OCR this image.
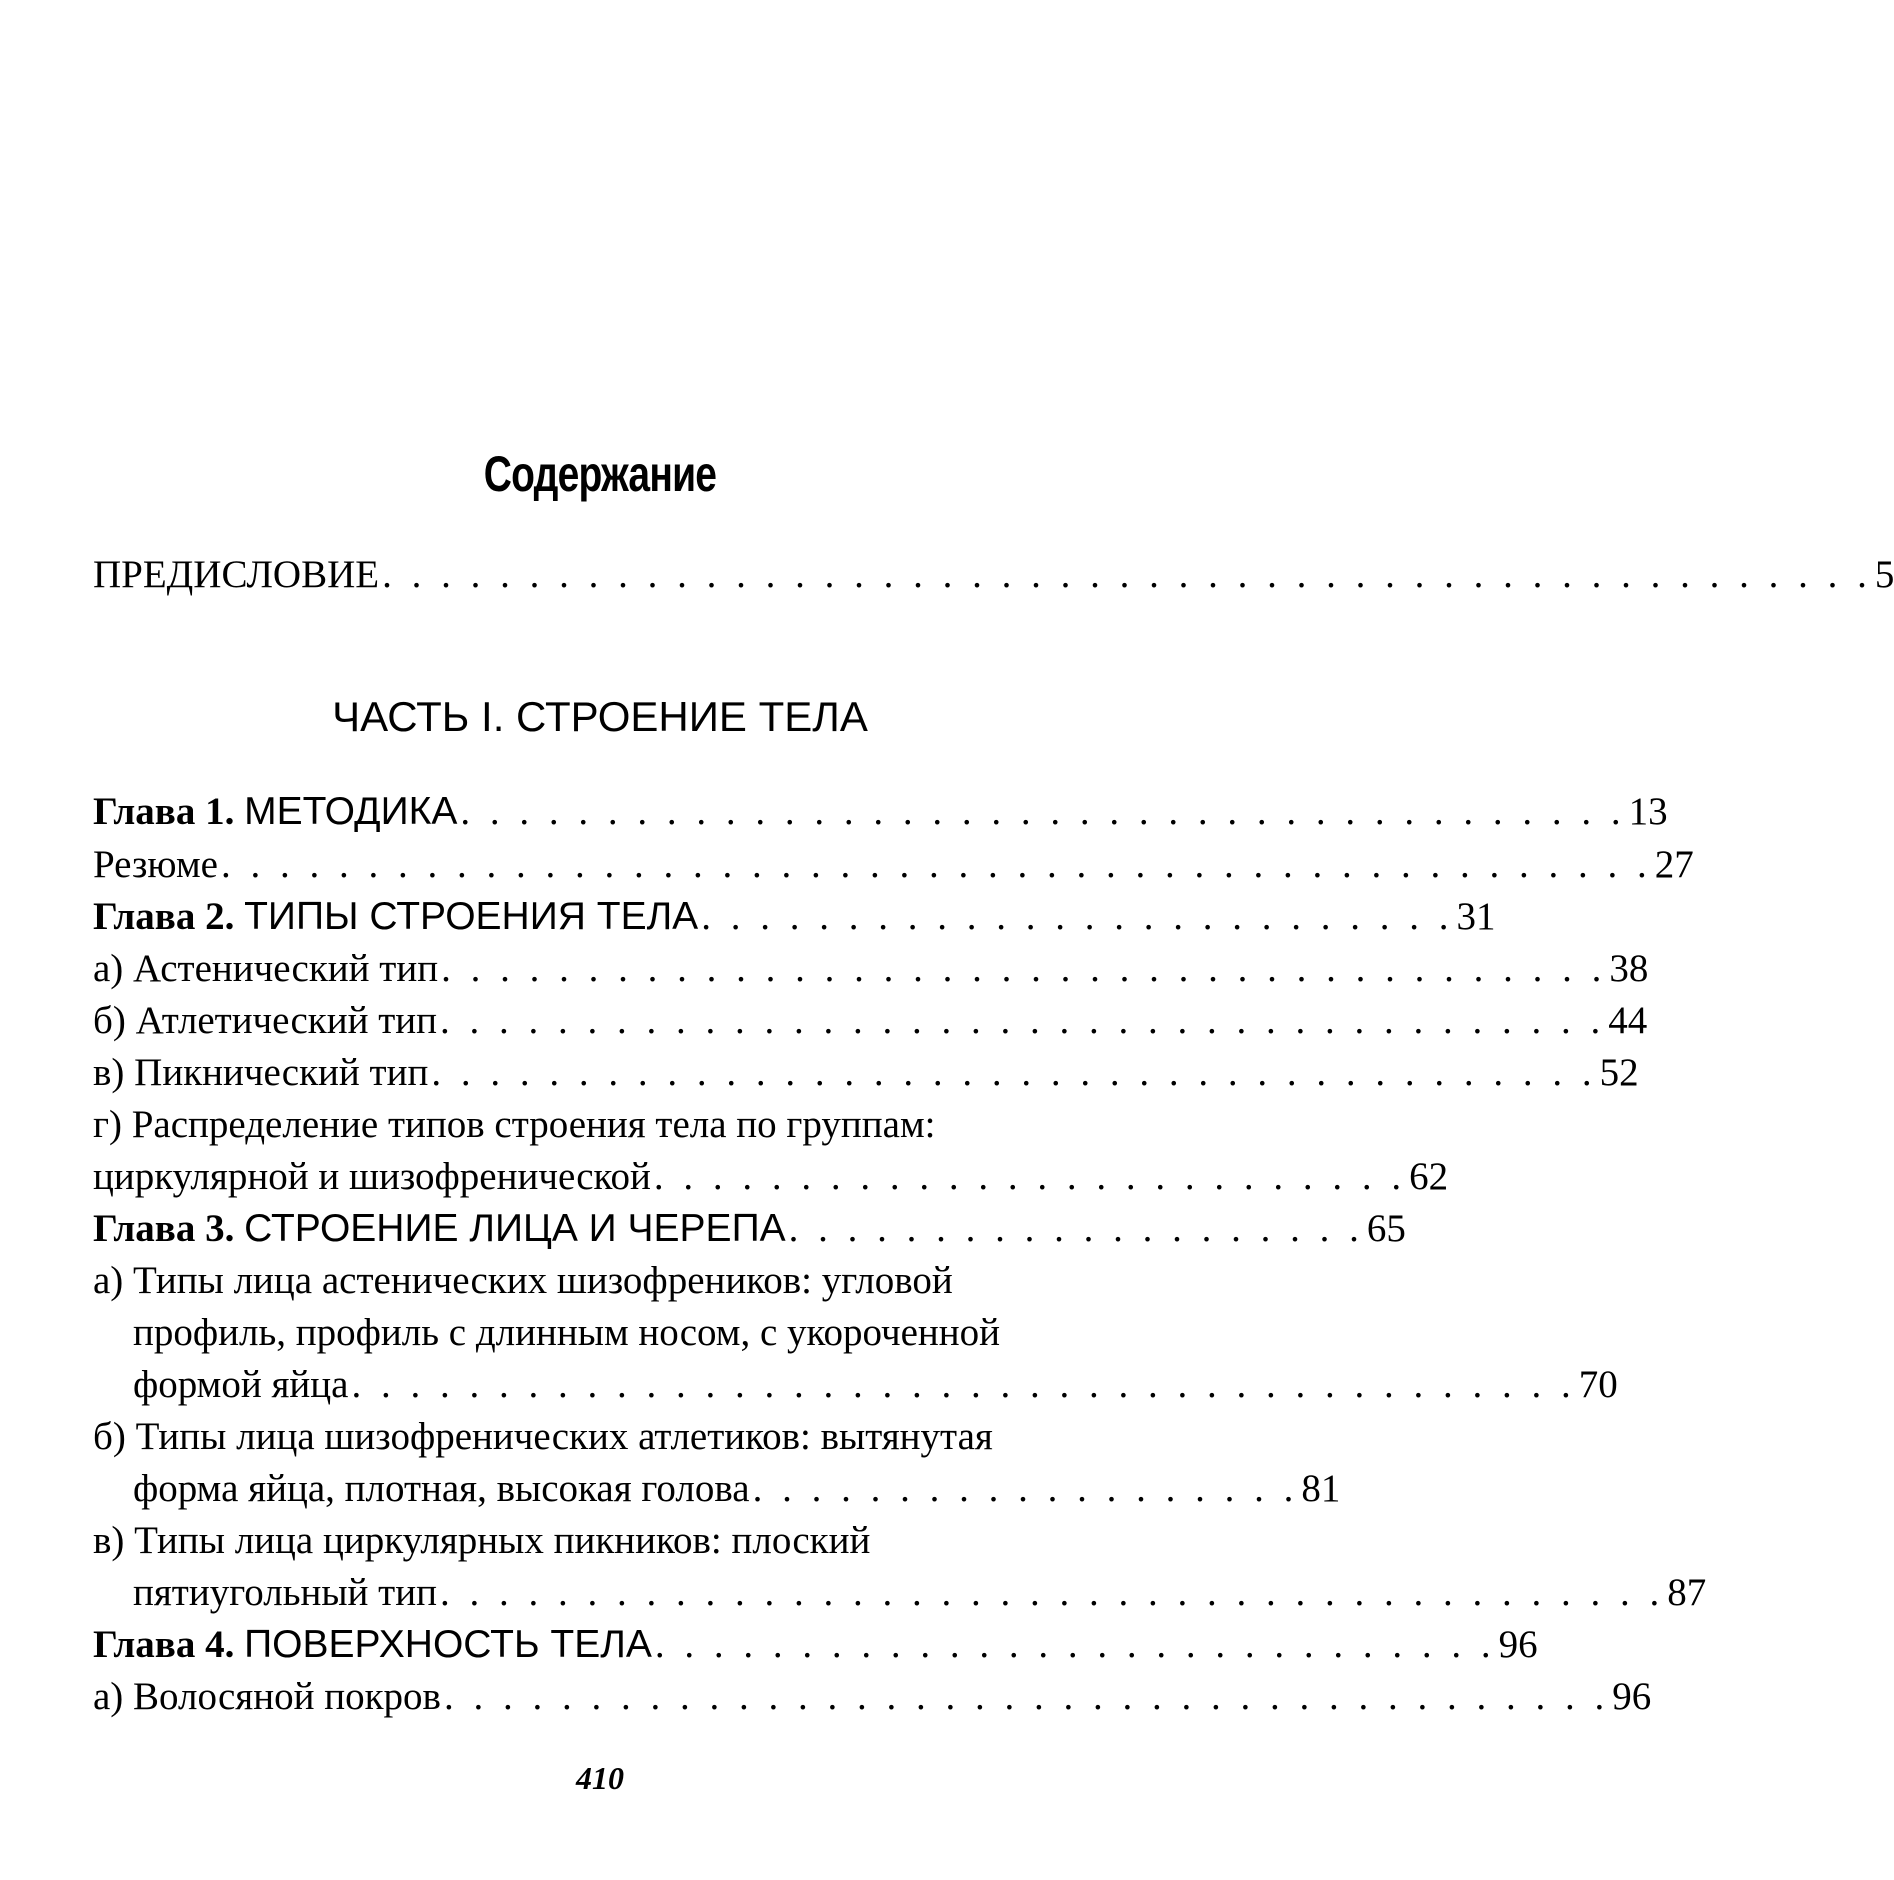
Содержание
ПРЕДИСЛОВИЕ . . . . . . . . . . . . . . . . . . . . . . . . . . . . . . . . . . . . . . . . . . . . . . . . . . . 5
ЧАСТЬ I. СТРОЕНИЕ ТЕЛА
Глава 1. МЕТОДИКА . . . . . . . . . . . . . . . . . . . . . . . . . . . . . . . . . . . . . . . . 13
Резюме . . . . . . . . . . . . . . . . . . . . . . . . . . . . . . . . . . . . . . . . . . . . . . . . . 27
Глава 2. ТИПЫ СТРОЕНИЯ ТЕЛА . . . . . . . . . . . . . . . . . . . . . . . . . . 31
а) Астенический тип . . . . . . . . . . . . . . . . . . . . . . . . . . . . . . . . . . . . . . . . 38
б) Атлетический тип . . . . . . . . . . . . . . . . . . . . . . . . . . . . . . . . . . . . . . . . 44
в) Пикнический тип . . . . . . . . . . . . . . . . . . . . . . . . . . . . . . . . . . . . . . . . 52
г) Распределение типов строения тела по группам:
циркулярной и шизофренической . . . . . . . . . . . . . . . . . . . . . . . . . . 62
Глава 3. СТРОЕНИЕ ЛИЦА И ЧЕРЕПА . . . . . . . . . . . . . . . . . . . . 65
а) Типы лица астенических шизофреников: угловой
профиль, профиль с длинным носом, с укороченной
формой яйца . . . . . . . . . . . . . . . . . . . . . . . . . . . . . . . . . . . . . . . . . . 70
б) Типы лица шизофренических атлетиков: вытянутая
форма яйца, плотная, высокая голова . . . . . . . . . . . . . . . . . . . 81
в) Типы лица циркулярных пикников: плоский
пятиугольный тип . . . . . . . . . . . . . . . . . . . . . . . . . . . . . . . . . . . . . . . . . . 87
Глава 4. ПОВЕРХНОСТЬ ТЕЛА . . . . . . . . . . . . . . . . . . . . . . . . . . . . . 96
а) Волосяной покров . . . . . . . . . . . . . . . . . . . . . . . . . . . . . . . . . . . . . . . . 96
410
